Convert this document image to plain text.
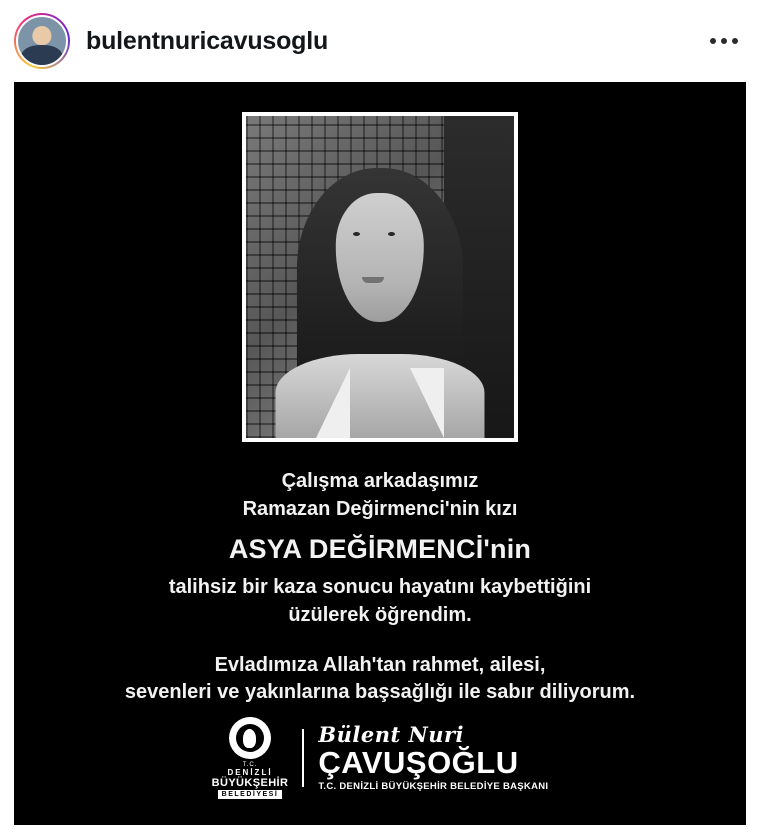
bulentnuricavusoglu
Çalışma arkadaşımız
Ramazan Değirmenci'nin kızı
ASYA DEĞİRMENCİ'nin
talihsiz bir kaza sonucu hayatını kaybettiğini
üzülerek öğrendim.
Evladımıza Allah'tan rahmet, ailesi,
sevenleri ve yakınlarına başsağlığı ile sabır diliyorum.
T.C.
DENİZLİ
BÜYÜKŞEHİR
BELEDİYESİ
Bülent Nuri
ÇAVUŞOĞLU
T.C. DENİZLİ BÜYÜKŞEHİR BELEDİYE BAŞKANI
